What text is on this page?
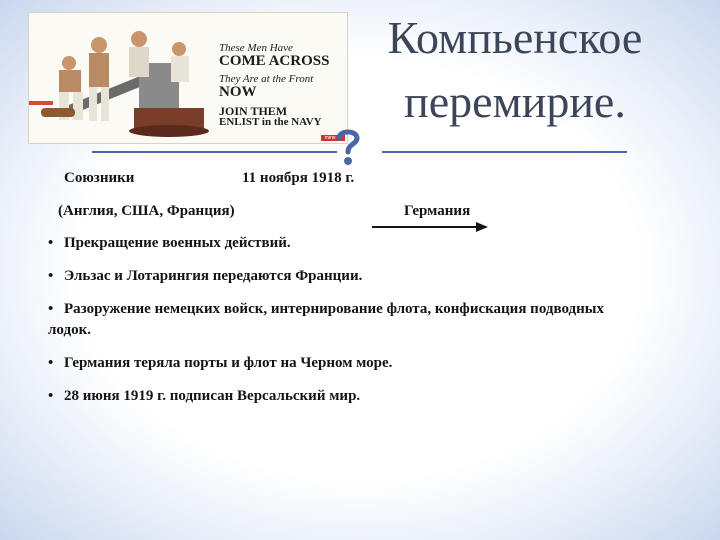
These Men Have
COME ACROSS
They Are at the Front
NOW
JOIN THEM
ENLIST in the NAVY
mine III
Компьенское перемирие.
Союзники	11 ноября 1918 г.
(Англия, США, Франция)	Германия
• Прекращение военных действий.
• Эльзас и Лотарингия передаются Франции.
• Разоружение немецких войск, интернирование флота, конфискация подводных лодок.
• Германия теряла порты и флот на Черном море.
• 28 июня 1919 г. подписан Версальский мир.
